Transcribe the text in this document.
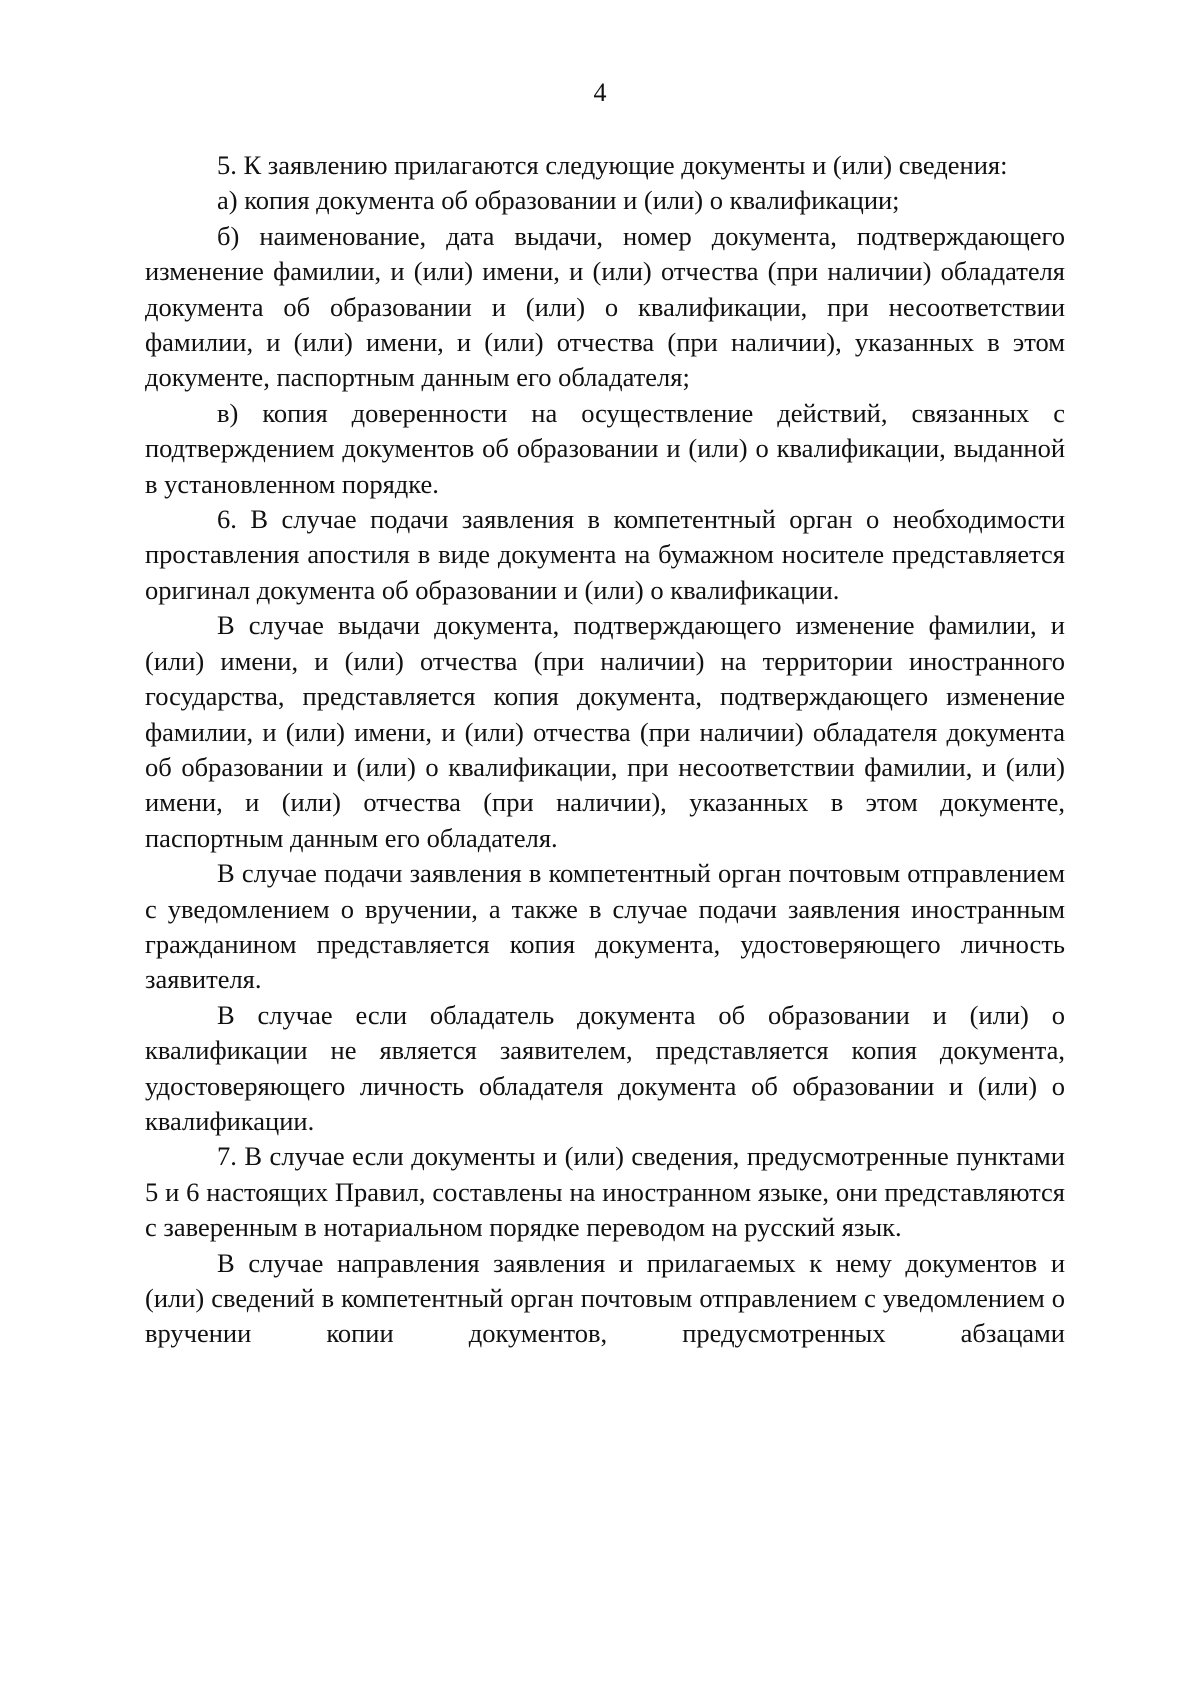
4

5. К заявлению прилагаются следующие документы и (или) сведения:

а) копия документа об образовании и (или) о квалификации;

б) наименование, дата выдачи, номер документа, подтверждающего изменение фамилии, и (или) имени, и (или) отчества (при наличии) обладателя документа об образовании и (или) о квалификации, при несоответствии фамилии, и (или) имени, и (или) отчества (при наличии), указанных в этом документе, паспортным данным его обладателя;

в) копия доверенности на осуществление действий, связанных с подтверждением документов об образовании и (или) о квалификации, выданной в установленном порядке.

6. В случае подачи заявления в компетентный орган о необходимости проставления апостиля в виде документа на бумажном носителе представляется оригинал документа об образовании и (или) о квалификации.

В случае выдачи документа, подтверждающего изменение фамилии, и (или) имени, и (или) отчества (при наличии) на территории иностранного государства, представляется копия документа, подтверждающего изменение фамилии, и (или) имени, и (или) отчества (при наличии) обладателя документа об образовании и (или) о квалификации, при несоответствии фамилии, и (или) имени, и (или) отчества (при наличии), указанных в этом документе, паспортным данным его обладателя.

В случае подачи заявления в компетентный орган почтовым отправлением с уведомлением о вручении, а также в случае подачи заявления иностранным гражданином представляется копия документа, удостоверяющего личность заявителя.

В случае если обладатель документа об образовании и (или) о квалификации не является заявителем, представляется копия документа, удостоверяющего личность обладателя документа об образовании и (или) о квалификации.

7. В случае если документы и (или) сведения, предусмотренные пунктами 5 и 6 настоящих Правил, составлены на иностранном языке, они представляются с заверенным в нотариальном порядке переводом на русский язык.

В случае направления заявления и прилагаемых к нему документов и (или) сведений в компетентный орган почтовым отправлением с уведомлением о вручении копии документов, предусмотренных абзацами
